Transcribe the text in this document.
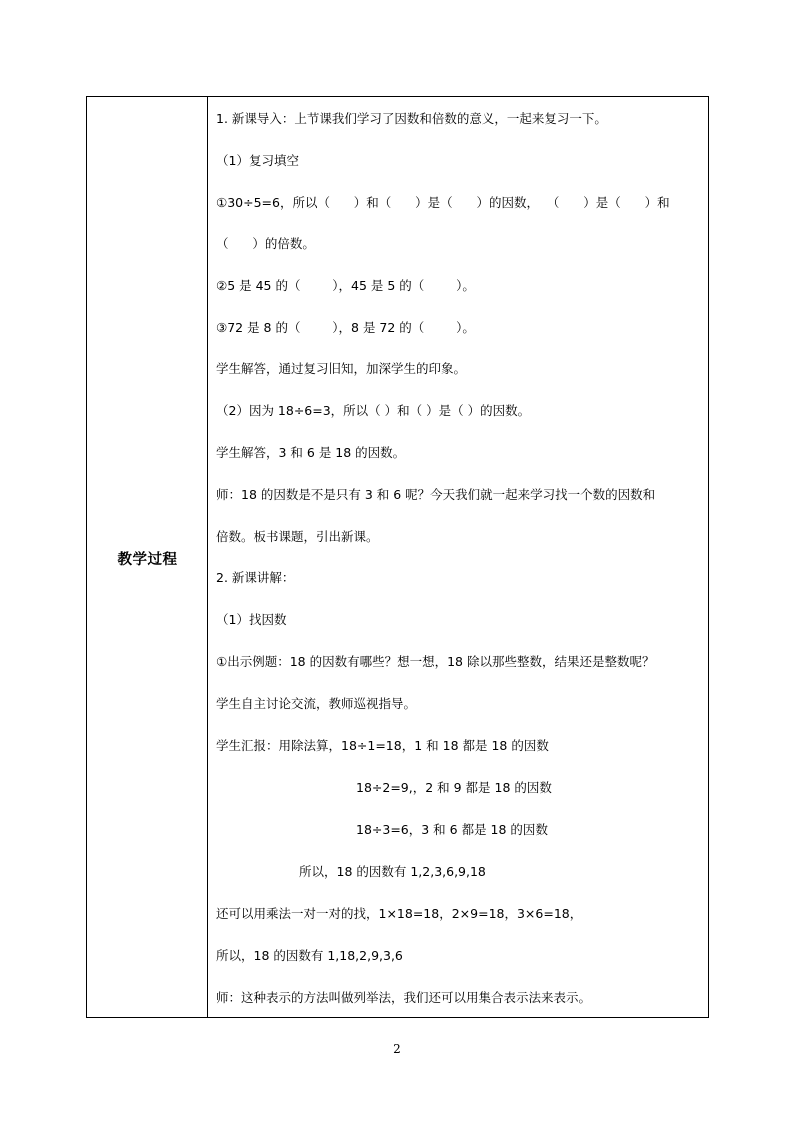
教学过程
1. 新课导入：上节课我们学习了因数和倍数的意义，一起来复习一下。
（1）复习填空
①30÷5=6，所以（      ）和（      ）是（      ）的因数，  （      ）是（      ）和
（      ）的倍数。
②5 是 45 的（        ），45 是 5 的（        ）。
③72 是 8 的（        ），8 是 72 的（        ）。
学生解答，通过复习旧知，加深学生的印象。
（2）因为 18÷6=3，所以（ ）和（ ）是（ ）的因数。
学生解答，3 和 6 是 18 的因数。
师：18 的因数是不是只有 3 和 6 呢？今天我们就一起来学习找一个数的因数和
倍数。板书课题，引出新课。
2. 新课讲解：
（1）找因数
①出示例题：18 的因数有哪些？想一想，18 除以那些整数，结果还是整数呢？
学生自主讨论交流，教师巡视指导。
学生汇报：用除法算，18÷1=18，1 和 18 都是 18 的因数
18÷2=9,，2 和 9 都是 18 的因数
18÷3=6，3 和 6 都是 18 的因数
所以，18 的因数有 1,2,3,6,9,18
还可以用乘法一对一对的找，1×18=18，2×9=18，3×6=18，
所以，18 的因数有 1,18,2,9,3,6
师：这种表示的方法叫做列举法，我们还可以用集合表示法来表示。
2
